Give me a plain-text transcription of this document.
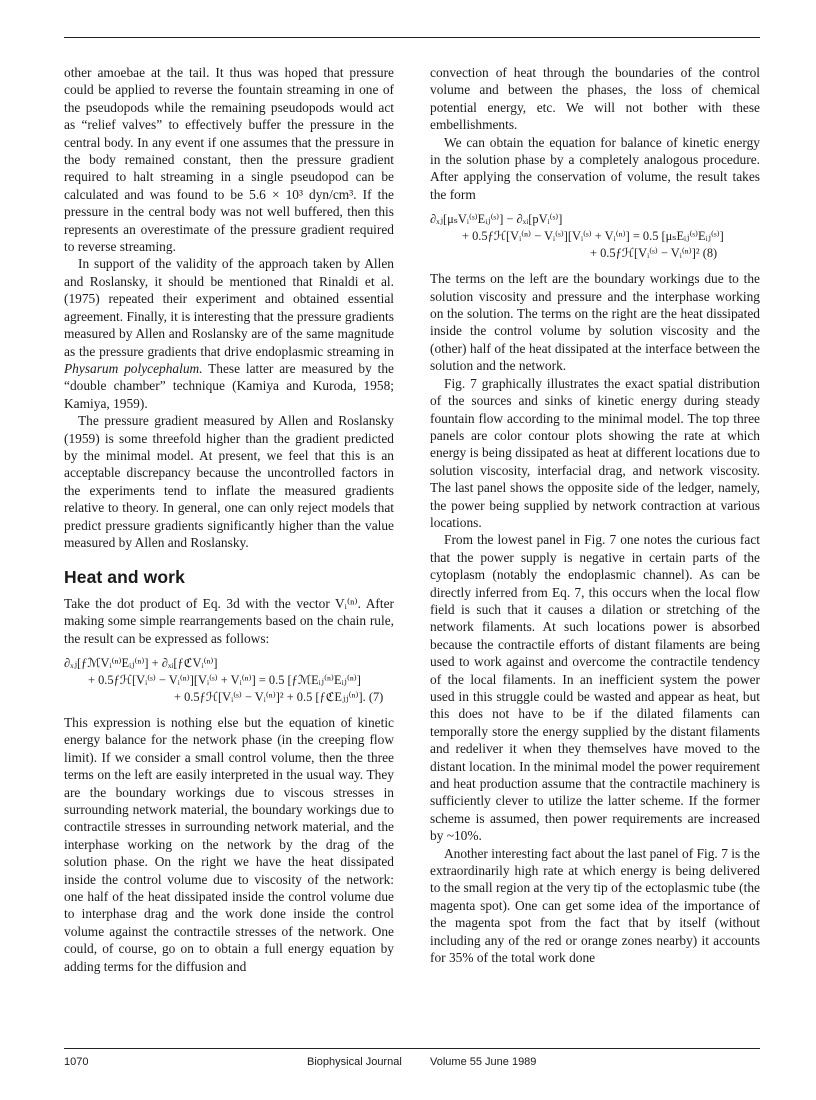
other amoebae at the tail. It thus was hoped that pressure could be applied to reverse the fountain streaming in one of the pseudopods while the remaining pseudopods would act as “relief valves” to effectively buffer the pressure in the central body. In any event if one assumes that the pressure in the body remained constant, then the pressure gradient required to halt streaming in a single pseudopod can be calculated and was found to be 5.6 × 10³ dyn/cm³. If the pressure in the central body was not well buffered, then this represents an overestimate of the pressure gradient required to reverse streaming.

In support of the validity of the approach taken by Allen and Roslansky, it should be mentioned that Rinaldi et al. (1975) repeated their experiment and obtained essential agreement. Finally, it is interesting that the pressure gradients measured by Allen and Roslansky are of the same magnitude as the pressure gradients that drive endoplasmic streaming in Physarum polycephalum. These latter are measured by the “double chamber” technique (Kamiya and Kuroda, 1958; Kamiya, 1959).

The pressure gradient measured by Allen and Roslansky (1959) is some threefold higher than the gradient predicted by the minimal model. At present, we feel that this is an acceptable discrepancy because the uncontrolled factors in the experiments tend to inflate the measured gradients relative to theory. In general, one can only reject models that predict pressure gradients significantly higher than the value measured by Allen and Roslansky.

Heat and work

Take the dot product of Eq. 3d with the vector Vᵢ⁽ⁿ⁾. After making some simple rearrangements based on the chain rule, the result can be expressed as follows:

∂ₓⱼ[ƒℳVᵢ⁽ⁿ⁾Eᵢⱼ⁽ⁿ⁾] + ∂ₓᵢ[ƒℭVᵢ⁽ⁿ⁾]
+ 0.5ƒℋ[Vᵢ⁽ˢ⁾ − Vᵢ⁽ⁿ⁾][Vᵢ⁽ˢ⁾ + Vᵢ⁽ⁿ⁾] = 0.5 [ƒℳEᵢⱼ⁽ⁿ⁾Eᵢⱼ⁽ⁿ⁾]
+ 0.5ƒℋ[Vᵢ⁽ˢ⁾ − Vᵢ⁽ⁿ⁾]² + 0.5 [ƒℭEⱼⱼ⁽ⁿ⁾]. (7)

This expression is nothing else but the equation of kinetic energy balance for the network phase (in the creeping flow limit). If we consider a small control volume, then the three terms on the left are easily interpreted in the usual way. They are the boundary workings due to viscous stresses in surrounding network material, the boundary workings due to contractile stresses in surrounding network material, and the interphase working on the network by the drag of the solution phase. On the right we have the heat dissipated inside the control volume due to viscosity of the network: one half of the heat dissipated inside the control volume due to interphase drag and the work done inside the control volume against the contractile stresses of the network. One could, of course, go on to obtain a full energy equation by adding terms for the diffusion and

convection of heat through the boundaries of the control volume and between the phases, the loss of chemical potential energy, etc. We will not bother with these embellishments.

We can obtain the equation for balance of kinetic energy in the solution phase by a completely analogous procedure. After applying the conservation of volume, the result takes the form

∂ₓⱼ[μₛVᵢ⁽ˢ⁾Eᵢⱼ⁽ˢ⁾] − ∂ₓᵢ[pVᵢ⁽ˢ⁾]
+ 0.5ƒℋ[Vᵢ⁽ⁿ⁾ − Vᵢ⁽ˢ⁾][Vᵢ⁽ˢ⁾ + Vᵢ⁽ⁿ⁾] = 0.5 [μₛEᵢⱼ⁽ˢ⁾Eᵢⱼ⁽ˢ⁾]
+ 0.5ƒℋ[Vᵢ⁽ˢ⁾ − Vᵢ⁽ⁿ⁾]² (8)

The terms on the left are the boundary workings due to the solution viscosity and pressure and the interphase working on the solution. The terms on the right are the heat dissipated inside the control volume by solution viscosity and the (other) half of the heat dissipated at the interface between the solution and the network.

Fig. 7 graphically illustrates the exact spatial distribution of the sources and sinks of kinetic energy during steady fountain flow according to the minimal model. The top three panels are color contour plots showing the rate at which energy is being dissipated as heat at different locations due to solution viscosity, interfacial drag, and network viscosity. The last panel shows the opposite side of the ledger, namely, the power being supplied by network contraction at various locations.

From the lowest panel in Fig. 7 one notes the curious fact that the power supply is negative in certain parts of the cytoplasm (notably the endoplasmic channel). As can be directly inferred from Eq. 7, this occurs when the local flow field is such that it causes a dilation or stretching of the network filaments. At such locations power is absorbed because the contractile efforts of distant filaments are being used to work against and overcome the contractile tendency of the local filaments. In an inefficient system the power used in this struggle could be wasted and appear as heat, but this does not have to be if the dilated filaments can temporally store the energy supplied by the distant filaments and redeliver it when they themselves have moved to the distant location. In the minimal model the power requirement and heat production assume that the contractile machinery is sufficiently clever to utilize the latter scheme. If the former scheme is assumed, then power requirements are increased by ~10%.

Another interesting fact about the last panel of Fig. 7 is the extraordinarily high rate at which energy is being delivered to the small region at the very tip of the ectoplasmic tube (the magenta spot). One can get some idea of the importance of the magenta spot from the fact that by itself (without including any of the red or orange zones nearby) it accounts for 35% of the total work done

1070	Biophysical Journal	Volume 55 June 1989
